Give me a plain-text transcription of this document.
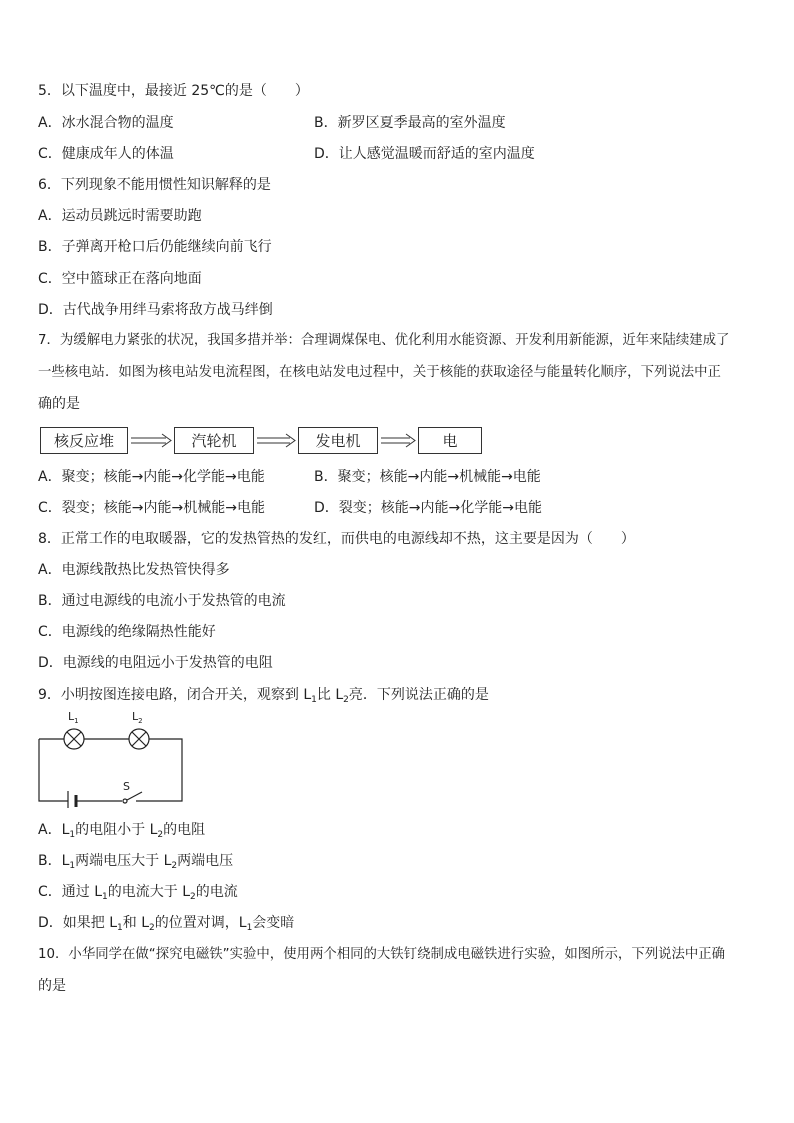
5．以下温度中，最接近 25℃的是（　　）
A．冰水混合物的温度	B．新罗区夏季最高的室外温度
C．健康成年人的体温	D．让人感觉温暖而舒适的室内温度
6．下列现象不能用惯性知识解释的是
A．运动员跳远时需要助跑
B．子弹离开枪口后仍能继续向前飞行
C．空中篮球正在落向地面
D．古代战争用绊马索将敌方战马绊倒
7．为缓解电力紧张的状况，我国多措并举：合理调煤保电、优化利用水能资源、开发利用新能源，近年来陆续建成了
一些核电站．如图为核电站发电流程图，在核电站发电过程中，关于核能的获取途径与能量转化顺序，下列说法中正
确的是
核反应堆	汽轮机	发电机	电
A．聚变；核能→内能→化学能→电能	B．聚变；核能→内能→机械能→电能
C．裂变；核能→内能→机械能→电能	D．裂变；核能→内能→化学能→电能
8．正常工作的电取暖器，它的发热管热的发红，而供电的电源线却不热，这主要是因为（　　）
A．电源线散热比发热管快得多
B．通过电源线的电流小于发热管的电流
C．电源线的绝缘隔热性能好
D．电源线的电阻远小于发热管的电阻
9．小明按图连接电路，闭合开关，观察到 $L_1$比 $L_2$亮．下列说法正确的是
$L_1$	$L_2$
S
A．$L_1$的电阻小于 $L_2$的电阻
B．$L_1$两端电压大于 $L_2$两端电压
C．通过 $L_1$的电流大于 $L_2$的电流
D．如果把 $L_1$和 $L_2$的位置对调，$L_1$会变暗
10．小华同学在做“探究电磁铁”实验中，使用两个相同的大铁钉绕制成电磁铁进行实验，如图所示，下列说法中正确
的是
